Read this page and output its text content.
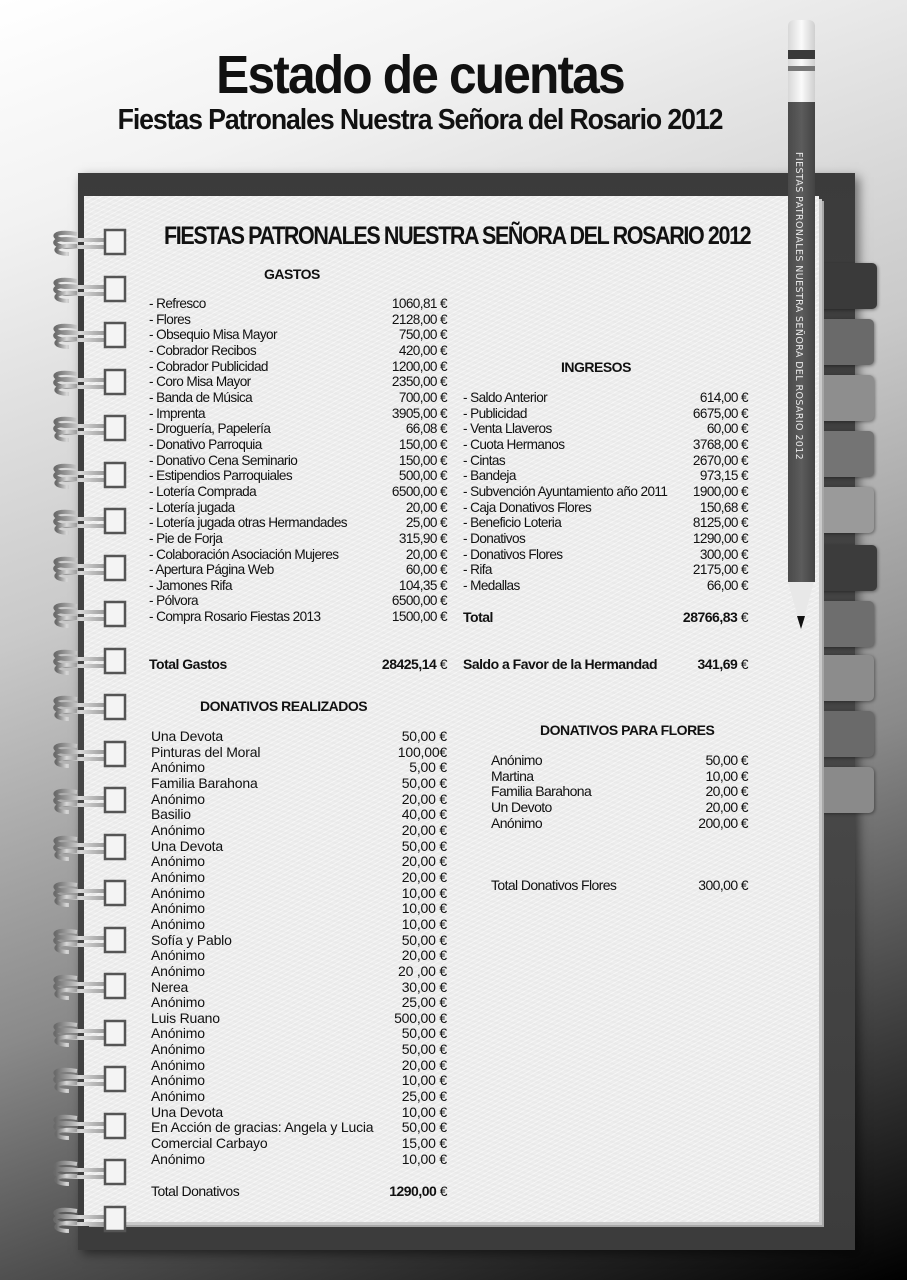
Estado de cuentas
Fiestas Patronales Nuestra Señora del Rosario 2012
FIESTAS PATRONALES NUESTRA SEÑORA DEL ROSARIO 2012
FIESTAS PATRONALES NUESTRA SEÑORA DEL ROSARIO 2012
GASTOS
- Refresco	1060,81 €
- Flores	2128,00 €
- Obsequio Misa Mayor	750,00 €
- Cobrador Recibos	420,00 €
- Cobrador Publicidad	1200,00 €
- Coro Misa Mayor	2350,00 €
- Banda de Música	700,00 €
- Imprenta	3905,00 €
- Droguería, Papelería	66,08 €
- Donativo Parroquia	150,00 €
- Donativo Cena Seminario	150,00 €
- Estipendios Parroquiales	500,00 €
- Lotería Comprada	6500,00 €
- Lotería jugada	20,00 €
- Lotería jugada otras Hermandades	25,00 €
- Pie de Forja	315,90 €
- Colaboración Asociación Mujeres	20,00 €
- Apertura Página Web	60,00 €
- Jamones Rifa	104,35 €
- Pólvora	6500,00 €
- Compra Rosario Fiestas 2013	1500,00 €
Total Gastos	28425,14 €
INGRESOS
- Saldo Anterior	614,00 €
- Publicidad	6675,00 €
- Venta Llaveros	60,00 €
- Cuota Hermanos	3768,00 €
- Cintas	2670,00 €
- Bandeja	973,15 €
- Subvención Ayuntamiento año 2011 1900,00 €
- Caja Donativos Flores	150,68 €
- Beneficio Loteria	8125,00 €
- Donativos	1290,00 €
- Donativos Flores	300,00 €
- Rifa	2175,00 €
- Medallas	66,00 €
Total	28766,83 €
Saldo a Favor de la Hermandad	341,69 €
DONATIVOS REALIZADOS
Una Devota	50,00 €
Pinturas del Moral	100,00€
Anónimo	5,00 €
Familia Barahona	50,00 €
Anónimo	20,00 €
Basilio	40,00 €
Anónimo	20,00 €
Una Devota	50,00 €
Anónimo	20,00 €
Anónimo	20,00 €
Anónimo	10,00 €
Anónimo	10,00 €
Anónimo	10,00 €
Sofía y Pablo	50,00 €
Anónimo	20,00 €
Anónimo	20 ,00 €
Nerea	30,00 €
Anónimo	25,00 €
Luis Ruano	500,00 €
Anónimo	50,00 €
Anónimo	50,00 €
Anónimo	20,00 €
Anónimo	10,00 €
Anónimo	25,00 €
Una Devota	10,00 €
En Acción de gracias: Angela y Lucia 50,00 €
Comercial Carbayo	15,00 €
Anónimo	10,00 €
Total Donativos	1290,00 €
DONATIVOS PARA FLORES
Anónimo	50,00 €
Martina	10,00 €
Familia Barahona	20,00 €
Un Devoto	20,00 €
Anónimo	200,00 €
Total Donativos Flores	300,00 €
